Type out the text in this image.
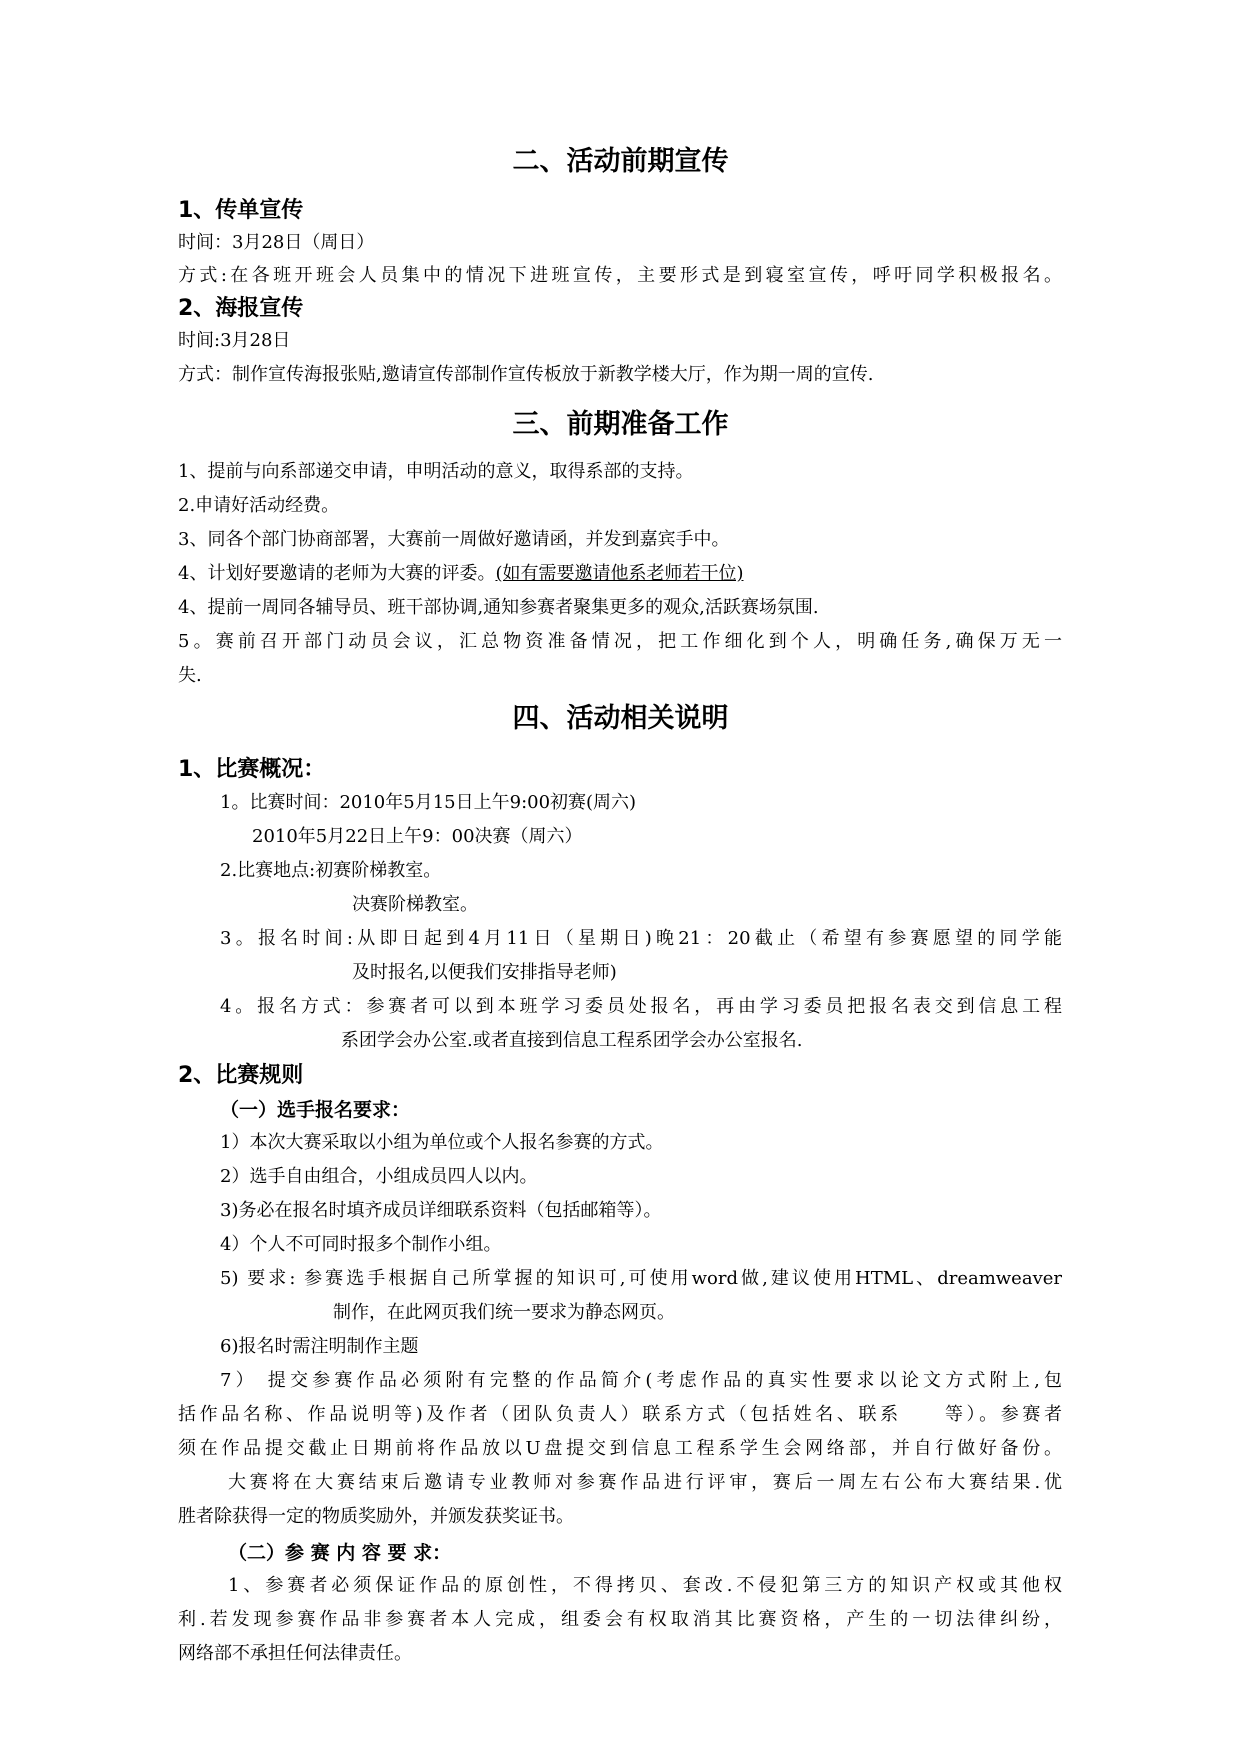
二、活动前期宣传
1、传单宣传
时间：3月28日（周日）
方式:在各班开班会人员集中的情况下进班宣传，主要形式是到寝室宣传，呼吁同学积极报名。
2、海报宣传
时间:3月28日
方式：制作宣传海报张贴,邀请宣传部制作宣传板放于新教学楼大厅，作为期一周的宣传.
三、前期准备工作
1、提前与向系部递交申请，申明活动的意义，取得系部的支持。
2.申请好活动经费。
3、同各个部门协商部署，大赛前一周做好邀请函，并发到嘉宾手中。
4、计划好要邀请的老师为大赛的评委。(如有需要邀请他系老师若干位)
4、提前一周同各辅导员、班干部协调,通知参赛者聚集更多的观众,活跃赛场氛围.
5。赛前召开部门动员会议，汇总物资准备情况，把工作细化到个人，明确任务,确保万无一
失.
四、活动相关说明
1、比赛概况：
1。比赛时间：2010年5月15日上午9:00初赛(周六)
2010年5月22日上午9：00决赛（周六）
2.比赛地点:初赛阶梯教室。
决赛阶梯教室。
3。报名时间:从即日起到4月11日（星期日)晚21：20截止（希望有参赛愿望的同学能
及时报名,以便我们安排指导老师)
4。报名方式：参赛者可以到本班学习委员处报名，再由学习委员把报名表交到信息工程
系团学会办公室.或者直接到信息工程系团学会办公室报名.
2、比赛规则
（一）选手报名要求：
1）本次大赛采取以小组为单位或个人报名参赛的方式。
2）选手自由组合，小组成员四人以内。
3)务必在报名时填齐成员详细联系资料（包括邮箱等）。
4）个人不可同时报多个制作小组。
5) 要求: 参赛选手根据自己所掌握的知识可,可使用word做,建议使用HTML、dreamweaver
制作，在此网页我们统一要求为静态网页。
6)报名时需注明制作主题
7） 提交参赛作品必须附有完整的作品简介(考虑作品的真实性要求以论文方式附上,包
括作品名称、作品说明等)及作者（团队负责人）联系方式（包括姓名、联系　　等）。参赛者
须在作品提交截止日期前将作品放以U盘提交到信息工程系学生会网络部，并自行做好备份。
大赛将在大赛结束后邀请专业教师对参赛作品进行评审，赛后一周左右公布大赛结果.优
胜者除获得一定的物质奖励外，并颁发获奖证书。
（二）参 赛 内 容 要 求：
1、参赛者必须保证作品的原创性，不得拷贝、套改.不侵犯第三方的知识产权或其他权
利.若发现参赛作品非参赛者本人完成，组委会有权取消其比赛资格，产生的一切法律纠纷，
网络部不承担任何法律责任。
